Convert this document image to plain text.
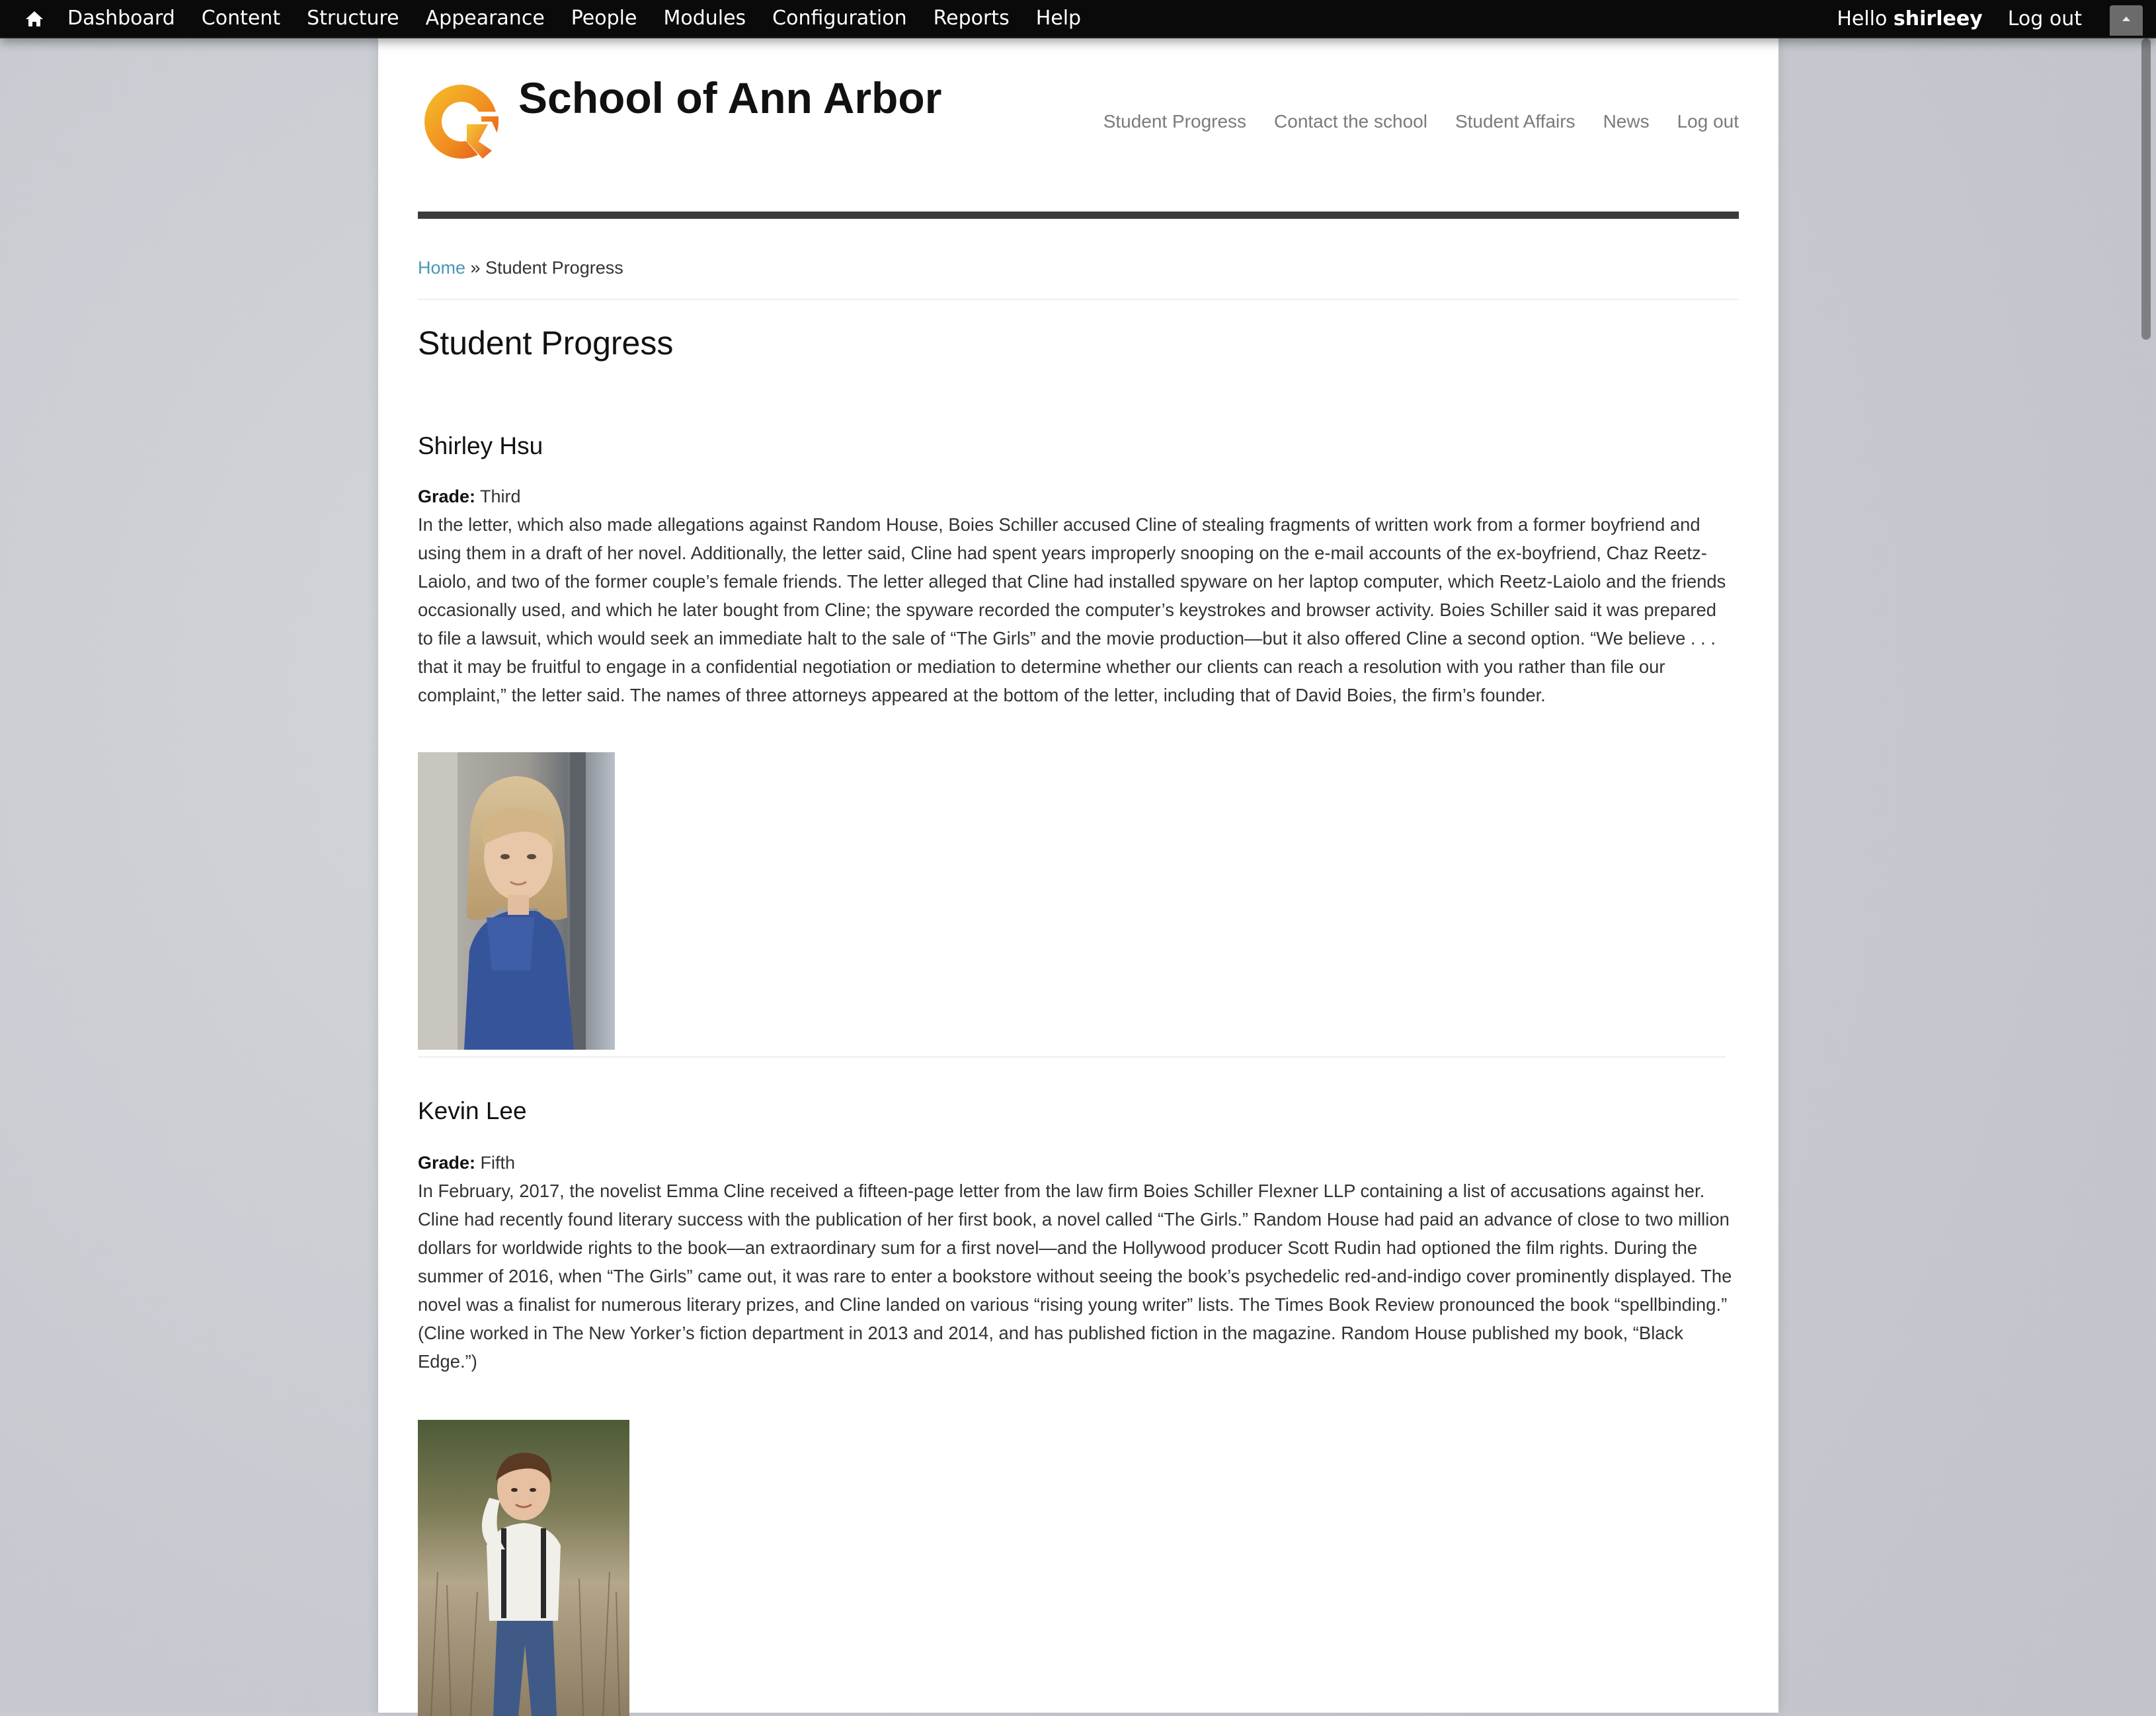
Dashboard	Content	Structure	Appearance	People	Modules	Configuration	Reports	Help	Hello shirleey Log out
School of Ann Arbor	Student Progress Contact the school Student Affairs News Log out
Home » Student Progress
Student Progress
Shirley Hsu
Grade: Third
In the letter, which also made allegations against Random House, Boies Schiller accused Cline of stealing fragments of written work from a former boyfriend and
using them in a draft of her novel. Additionally, the letter said, Cline had spent years improperly snooping on the e-mail accounts of the ex-boyfriend, Chaz Reetz-
Laiolo, and two of the former couple’s female friends. The letter alleged that Cline had installed spyware on her laptop computer, which Reetz-Laiolo and the friends
occasionally used, and which he later bought from Cline; the spyware recorded the computer’s keystrokes and browser activity. Boies Schiller said it was prepared
to file a lawsuit, which would seek an immediate halt to the sale of “The Girls” and the movie production—but it also offered Cline a second option. “We believe . . .
that it may be fruitful to engage in a confidential negotiation or mediation to determine whether our clients can reach a resolution with you rather than file our
complaint,” the letter said. The names of three attorneys appeared at the bottom of the letter, including that of David Boies, the firm’s founder.
Kevin Lee
Grade: Fifth
In February, 2017, the novelist Emma Cline received a fifteen-page letter from the law firm Boies Schiller Flexner LLP containing a list of accusations against her.
Cline had recently found literary success with the publication of her first book, a novel called “The Girls.” Random House had paid an advance of close to two million
dollars for worldwide rights to the book—an extraordinary sum for a first novel—and the Hollywood producer Scott Rudin had optioned the film rights. During the
summer of 2016, when “The Girls” came out, it was rare to enter a bookstore without seeing the book’s psychedelic red-and-indigo cover prominently displayed. The
novel was a finalist for numerous literary prizes, and Cline landed on various “rising young writer” lists. The Times Book Review pronounced the book “spellbinding.”
(Cline worked in The New Yorker’s fiction department in 2013 and 2014, and has published fiction in the magazine. Random House published my book, “Black
Edge.”)
